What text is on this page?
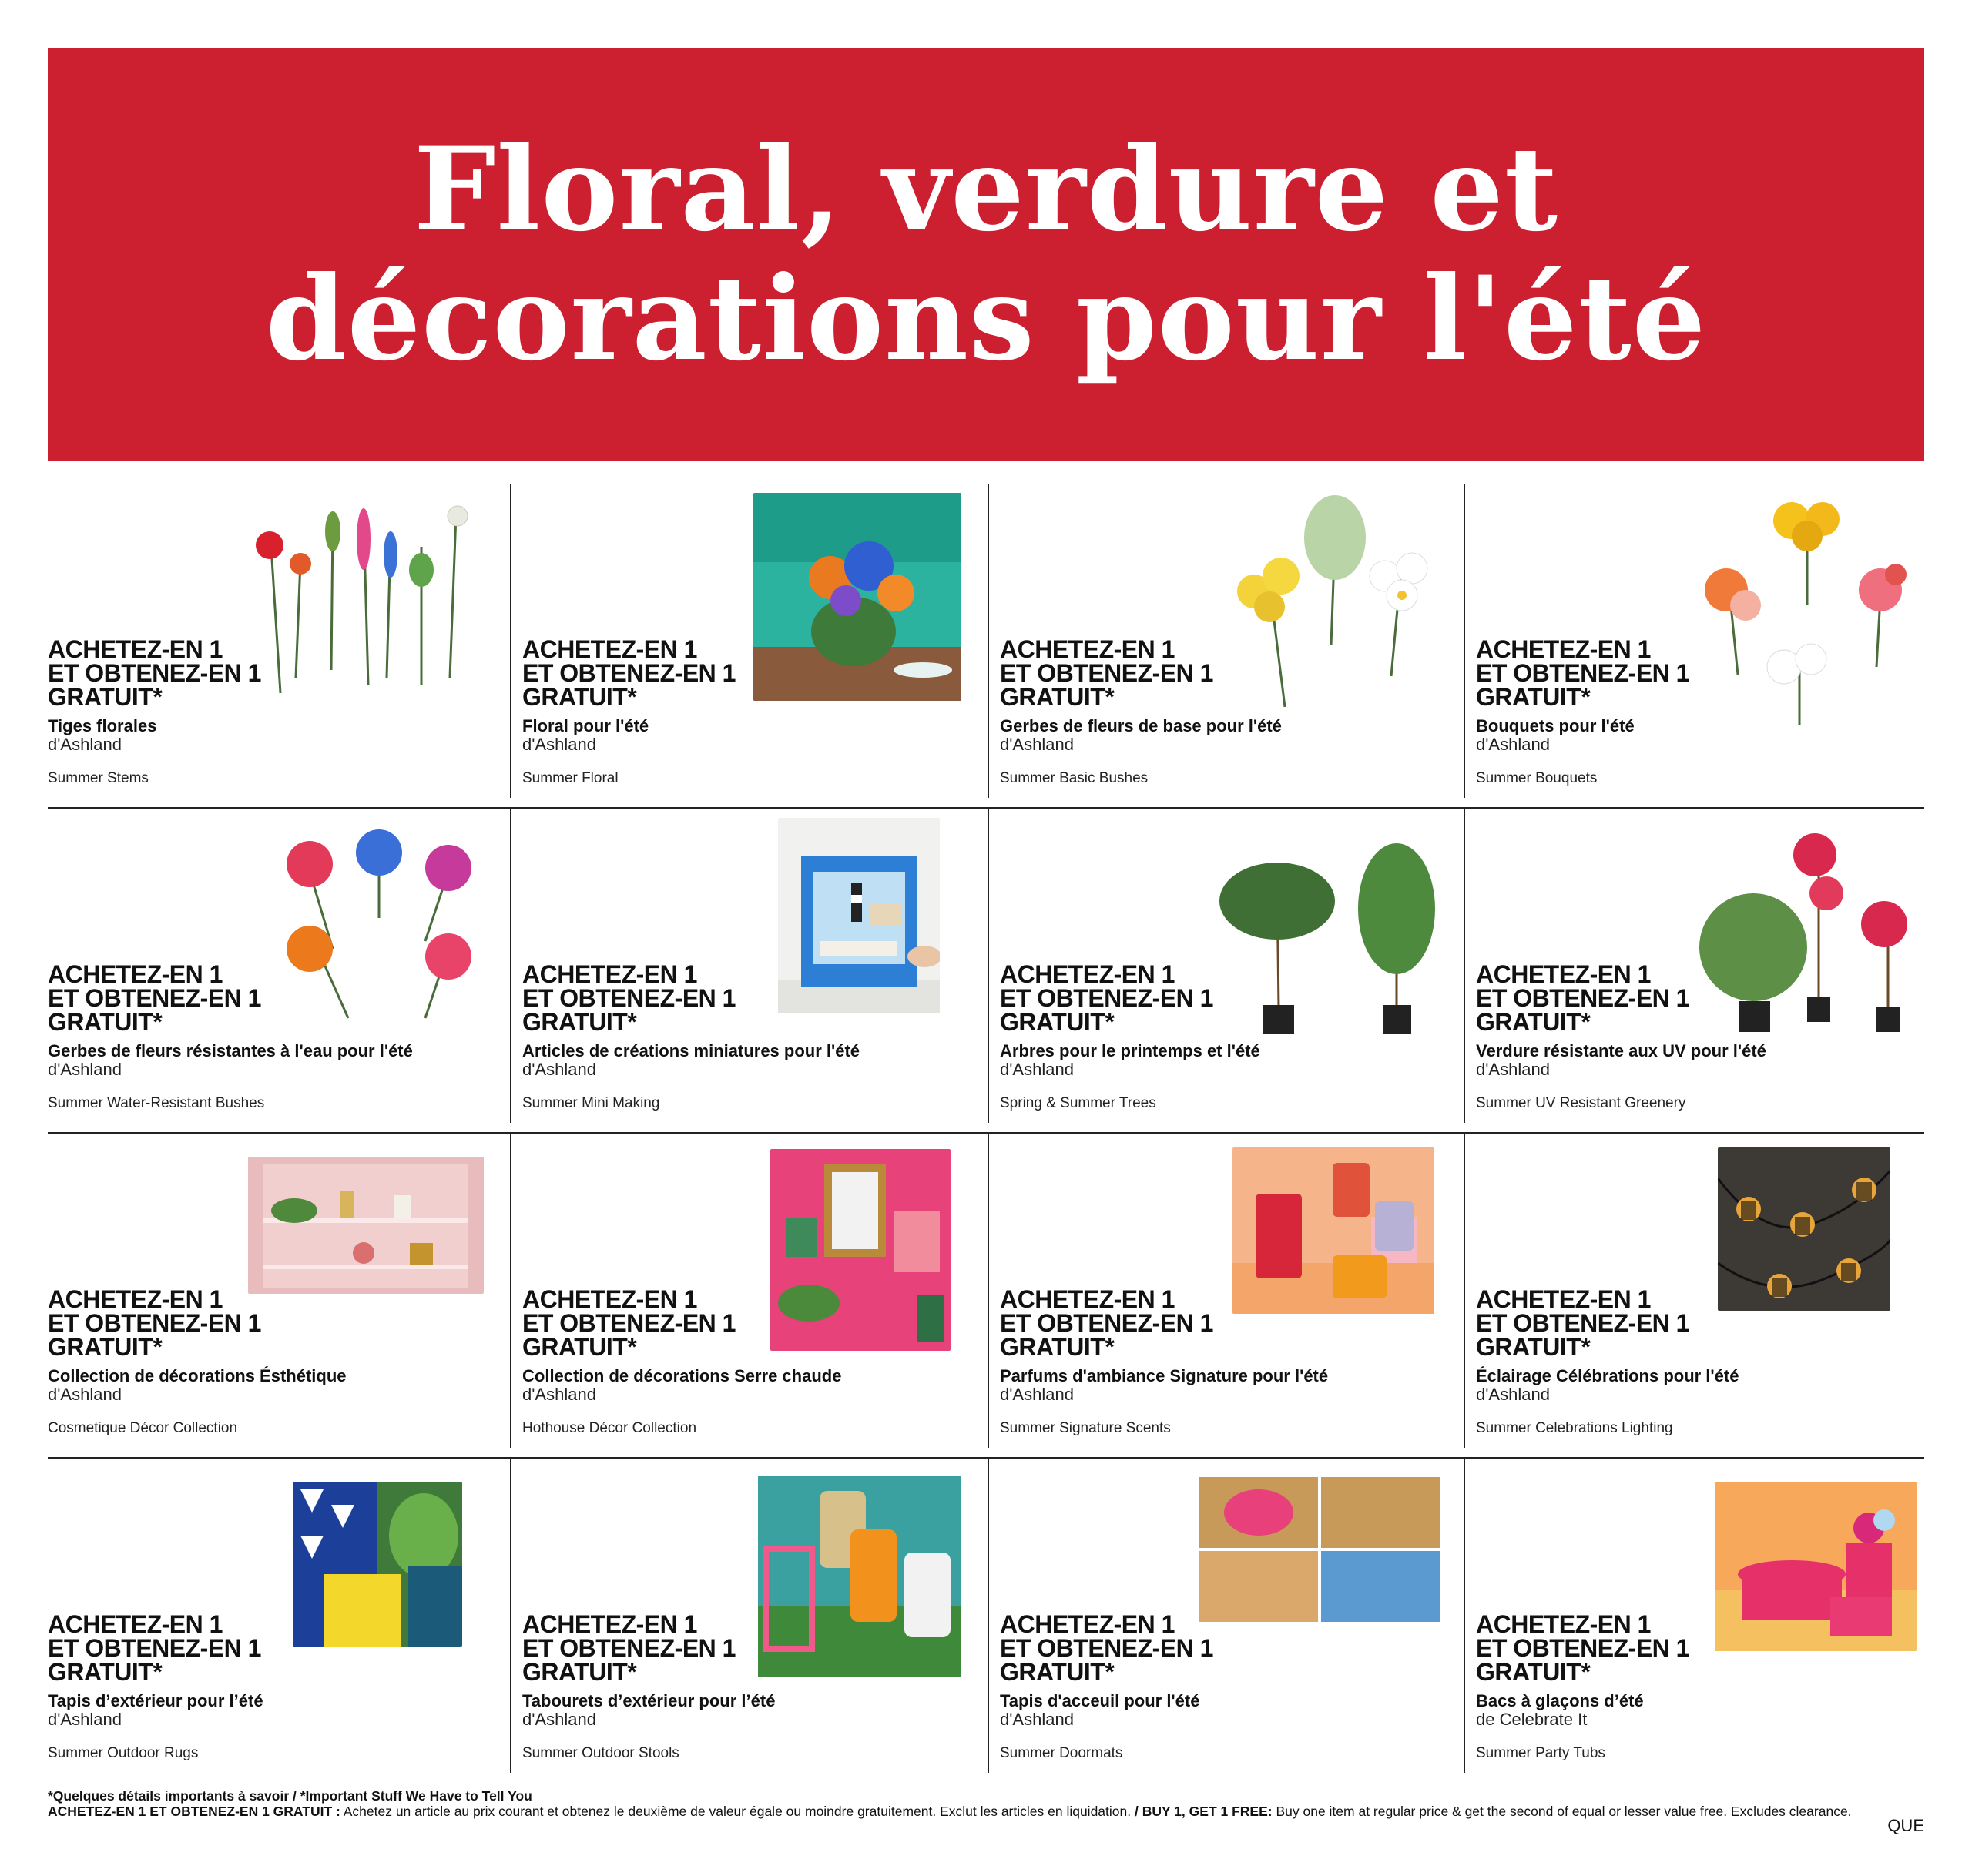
Floral, verdure et
décorations pour l'été
ACHETEZ-EN 1
ET OBTENEZ-EN 1
GRATUIT*
Tiges florales
d'Ashland
Summer Stems
ACHETEZ-EN 1
ET OBTENEZ-EN 1
GRATUIT*
Floral pour l'été
d'Ashland
Summer Floral
ACHETEZ-EN 1
ET OBTENEZ-EN 1
GRATUIT*
Gerbes de fleurs de base pour l'été
d'Ashland
Summer Basic Bushes
ACHETEZ-EN 1
ET OBTENEZ-EN 1
GRATUIT*
Bouquets pour l'été
d'Ashland
Summer Bouquets
ACHETEZ-EN 1
ET OBTENEZ-EN 1
GRATUIT*
Gerbes de fleurs résistantes à l'eau pour l'été
d'Ashland
Summer Water-Resistant Bushes
ACHETEZ-EN 1
ET OBTENEZ-EN 1
GRATUIT*
Articles de créations miniatures pour l'été
d'Ashland
Summer Mini Making
ACHETEZ-EN 1
ET OBTENEZ-EN 1
GRATUIT*
Arbres pour le printemps et l'été
d'Ashland
Spring & Summer Trees
ACHETEZ-EN 1
ET OBTENEZ-EN 1
GRATUIT*
Verdure résistante aux UV pour l'été
d'Ashland
Summer UV Resistant Greenery
ACHETEZ-EN 1
ET OBTENEZ-EN 1
GRATUIT*
Collection de décorations Ésthétique
d'Ashland
Cosmetique Décor Collection
ACHETEZ-EN 1
ET OBTENEZ-EN 1
GRATUIT*
Collection de décorations Serre chaude
d'Ashland
Hothouse Décor Collection
ACHETEZ-EN 1
ET OBTENEZ-EN 1
GRATUIT*
Parfums d'ambiance Signature pour l'été
d'Ashland
Summer Signature Scents
ACHETEZ-EN 1
ET OBTENEZ-EN 1
GRATUIT*
Éclairage Célébrations pour l'été
d'Ashland
Summer Celebrations Lighting
ACHETEZ-EN 1
ET OBTENEZ-EN 1
GRATUIT*
Tapis d’extérieur pour l’été
d'Ashland
Summer Outdoor Rugs
ACHETEZ-EN 1
ET OBTENEZ-EN 1
GRATUIT*
Tabourets d’extérieur pour l’été
d'Ashland
Summer Outdoor Stools
ACHETEZ-EN 1
ET OBTENEZ-EN 1
GRATUIT*
Tapis d'acceuil pour l'été
d'Ashland
Summer Doormats
ACHETEZ-EN 1
ET OBTENEZ-EN 1
GRATUIT*
Bacs à glaçons d’été
de Celebrate It
Summer Party Tubs
*Quelques détails importants à savoir / *Important Stuff We Have to Tell You
ACHETEZ-EN 1 ET OBTENEZ-EN 1 GRATUIT : Achetez un article au prix courant et obtenez le deuxième de valeur égale ou moindre gratuitement. Exclut les articles en liquidation. / BUY 1, GET 1 FREE: Buy one item at regular price & get the second of equal or lesser value free. Excludes clearance.
QUE
